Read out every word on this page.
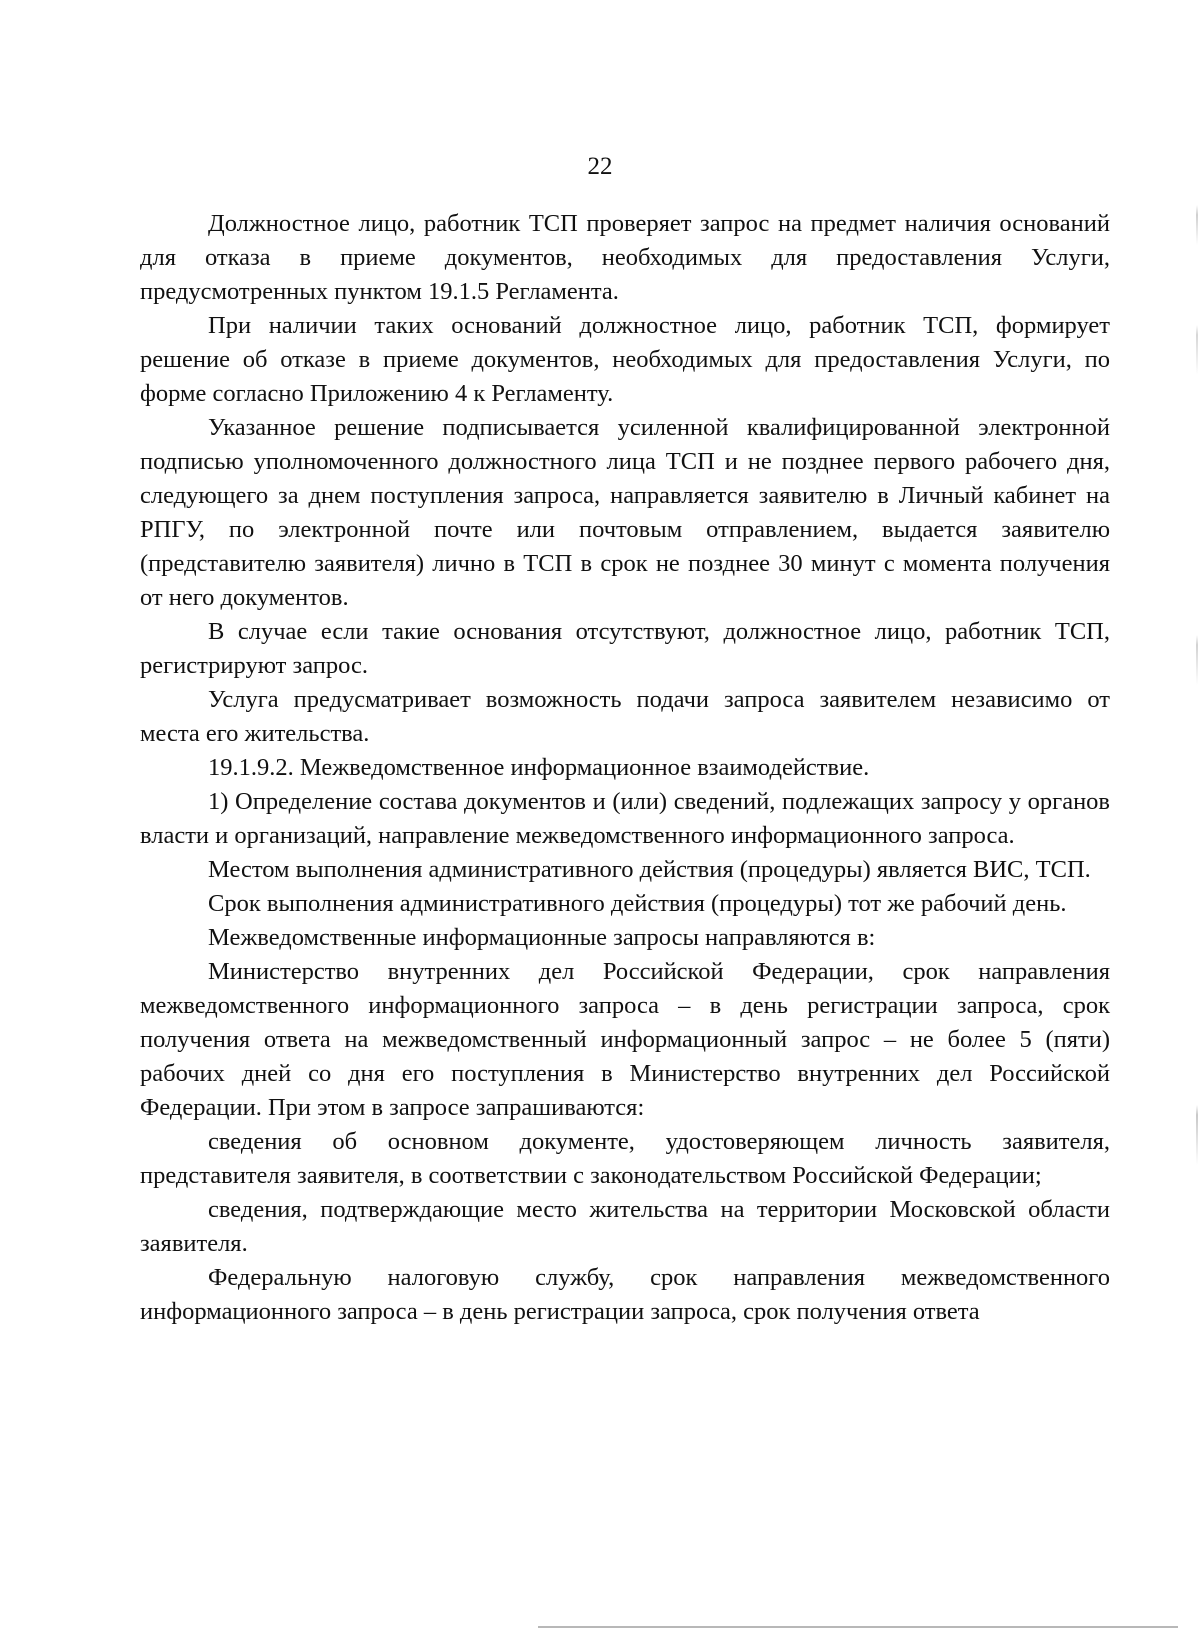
22

Должностное лицо, работник ТСП проверяет запрос на предмет наличия оснований для отказа в приеме документов, необходимых для предоставления Услуги, предусмотренных пунктом 19.1.5 Регламента.

При наличии таких оснований должностное лицо, работник ТСП, формирует решение об отказе в приеме документов, необходимых для предоставления Услуги, по форме согласно Приложению 4 к Регламенту.

Указанное решение подписывается усиленной квалифицированной электронной подписью уполномоченного должностного лица ТСП и не позднее первого рабочего дня, следующего за днем поступления запроса, направляется заявителю в Личный кабинет на РПГУ, по электронной почте или почтовым отправлением, выдается заявителю (представителю заявителя) лично в ТСП в срок не позднее 30 минут с момента получения от него документов.

В случае если такие основания отсутствуют, должностное лицо, работник ТСП, регистрируют запрос.

Услуга предусматривает возможность подачи запроса заявителем независимо от места его жительства.

19.1.9.2. Межведомственное информационное взаимодействие.

1) Определение состава документов и (или) сведений, подлежащих запросу у органов власти и организаций, направление межведомственного информационного запроса.

Местом выполнения административного действия (процедуры) является ВИС, ТСП.

Срок выполнения административного действия (процедуры) тот же рабочий день.

Межведомственные информационные запросы направляются в:

Министерство внутренних дел Российской Федерации, срок направления межведомственного информационного запроса – в день регистрации запроса, срок получения ответа на межведомственный информационный запрос – не более 5 (пяти) рабочих дней со дня его поступления в Министерство внутренних дел Российской Федерации. При этом в запросе запрашиваются:

сведения об основном документе, удостоверяющем личность заявителя, представителя заявителя, в соответствии с законодательством Российской Федерации;

сведения, подтверждающие место жительства на территории Московской области заявителя.

Федеральную налоговую службу, срок направления межведомственного информационного запроса – в день регистрации запроса, срок получения ответа
